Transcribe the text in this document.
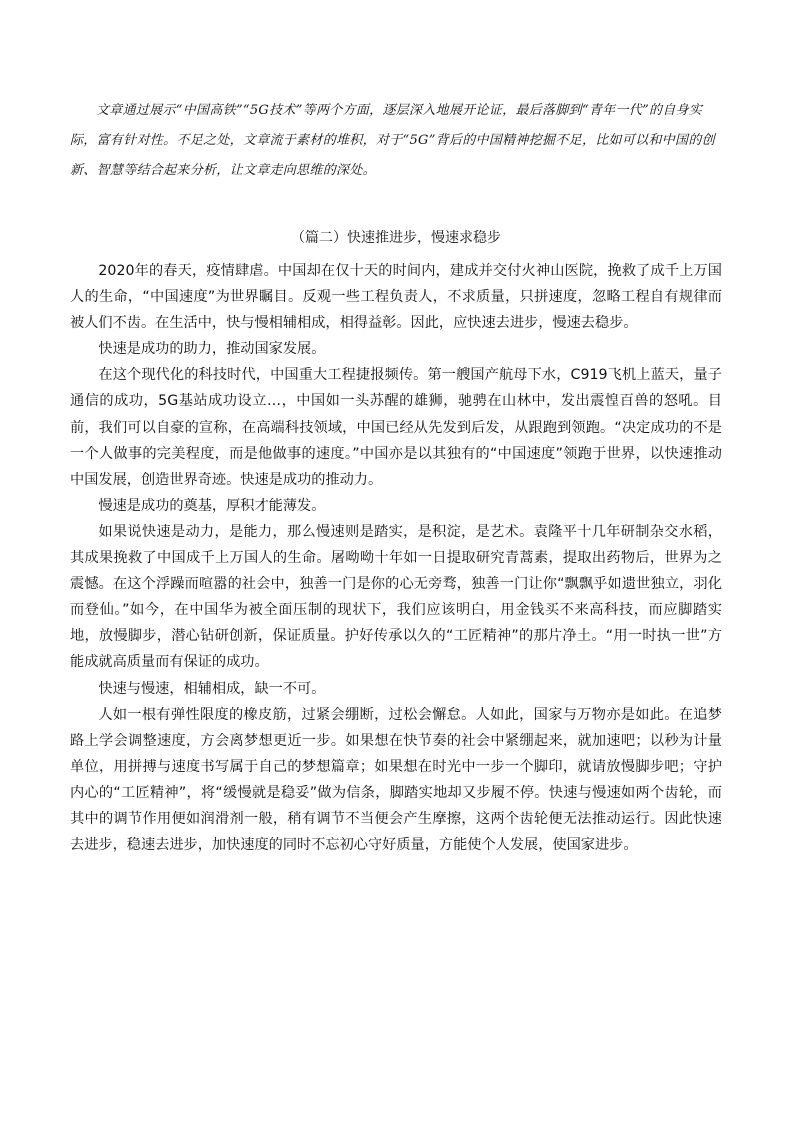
文章通过展示“中国高铁”“5G技术”等两个方面，逐层深入地展开论证，最后落脚到“青年一代”的自身实际，富有针对性。不足之处，文章流于素材的堆积，对于“5G”背后的中国精神挖掘不足，比如可以和中国的创新、智慧等结合起来分析，让文章走向思维的深处。

（篇二）快速推进步，慢速求稳步

2020年的春天，疫情肆虐。中国却在仅十天的时间内，建成并交付火神山医院，挽救了成千上万国人的生命，“中国速度”为世界瞩目。反观一些工程负责人，不求质量，只拼速度，忽略工程自有规律而被人们不齿。在生活中，快与慢相辅相成，相得益彰。因此，应快速去进步，慢速去稳步。

快速是成功的助力，推动国家发展。

在这个现代化的科技时代，中国重大工程捷报频传。第一艘国产航母下水，C919飞机上蓝天，量子通信的成功，5G基站成功设立…，中国如一头苏醒的雄狮，驰骋在山林中，发出震惶百兽的怒吼。目前，我们可以自豪的宣称，在高端科技领域，中国已经从先发到后发，从跟跑到领跑。“决定成功的不是一个人做事的完美程度，而是他做事的速度。”中国亦是以其独有的“中国速度”领跑于世界，以快速推动中国发展，创造世界奇迹。快速是成功的推动力。

慢速是成功的奠基，厚积才能薄发。

如果说快速是动力，是能力，那么慢速则是踏实，是积淀，是艺术。袁隆平十几年研制杂交水稻，其成果挽救了中国成千上万国人的生命。屠呦呦十年如一日提取研究青蒿素，提取出药物后，世界为之震憾。在这个浮躁而喧嚣的社会中，独善一门是你的心无旁骛，独善一门让你“飘飘乎如遗世独立，羽化而登仙。”如今，在中国华为被全面压制的现状下，我们应该明白，用金钱买不来高科技，而应脚踏实地，放慢脚步，潜心钻研创新，保证质量。护好传承以久的“工匠精神”的那片净土。“用一时执一世”方能成就高质量而有保证的成功。

快速与慢速，相辅相成，缺一不可。

人如一根有弹性限度的橡皮筋，过紧会绷断，过松会懈怠。人如此，国家与万物亦是如此。在追梦路上学会调整速度，方会离梦想更近一步。如果想在快节奏的社会中紧绷起来，就加速吧；以秒为计量单位，用拼搏与速度书写属于自己的梦想篇章；如果想在时光中一步一个脚印，就请放慢脚步吧；守护内心的“工匠精神”，将“缓慢就是稳妥”做为信条，脚踏实地却又步履不停。快速与慢速如两个齿轮，而其中的调节作用便如润滑剂一般，稍有调节不当便会产生摩擦，这两个齿轮便无法推动运行。因此快速去进步，稳速去进步，加快速度的同时不忘初心守好质量，方能使个人发展，使国家进步。
